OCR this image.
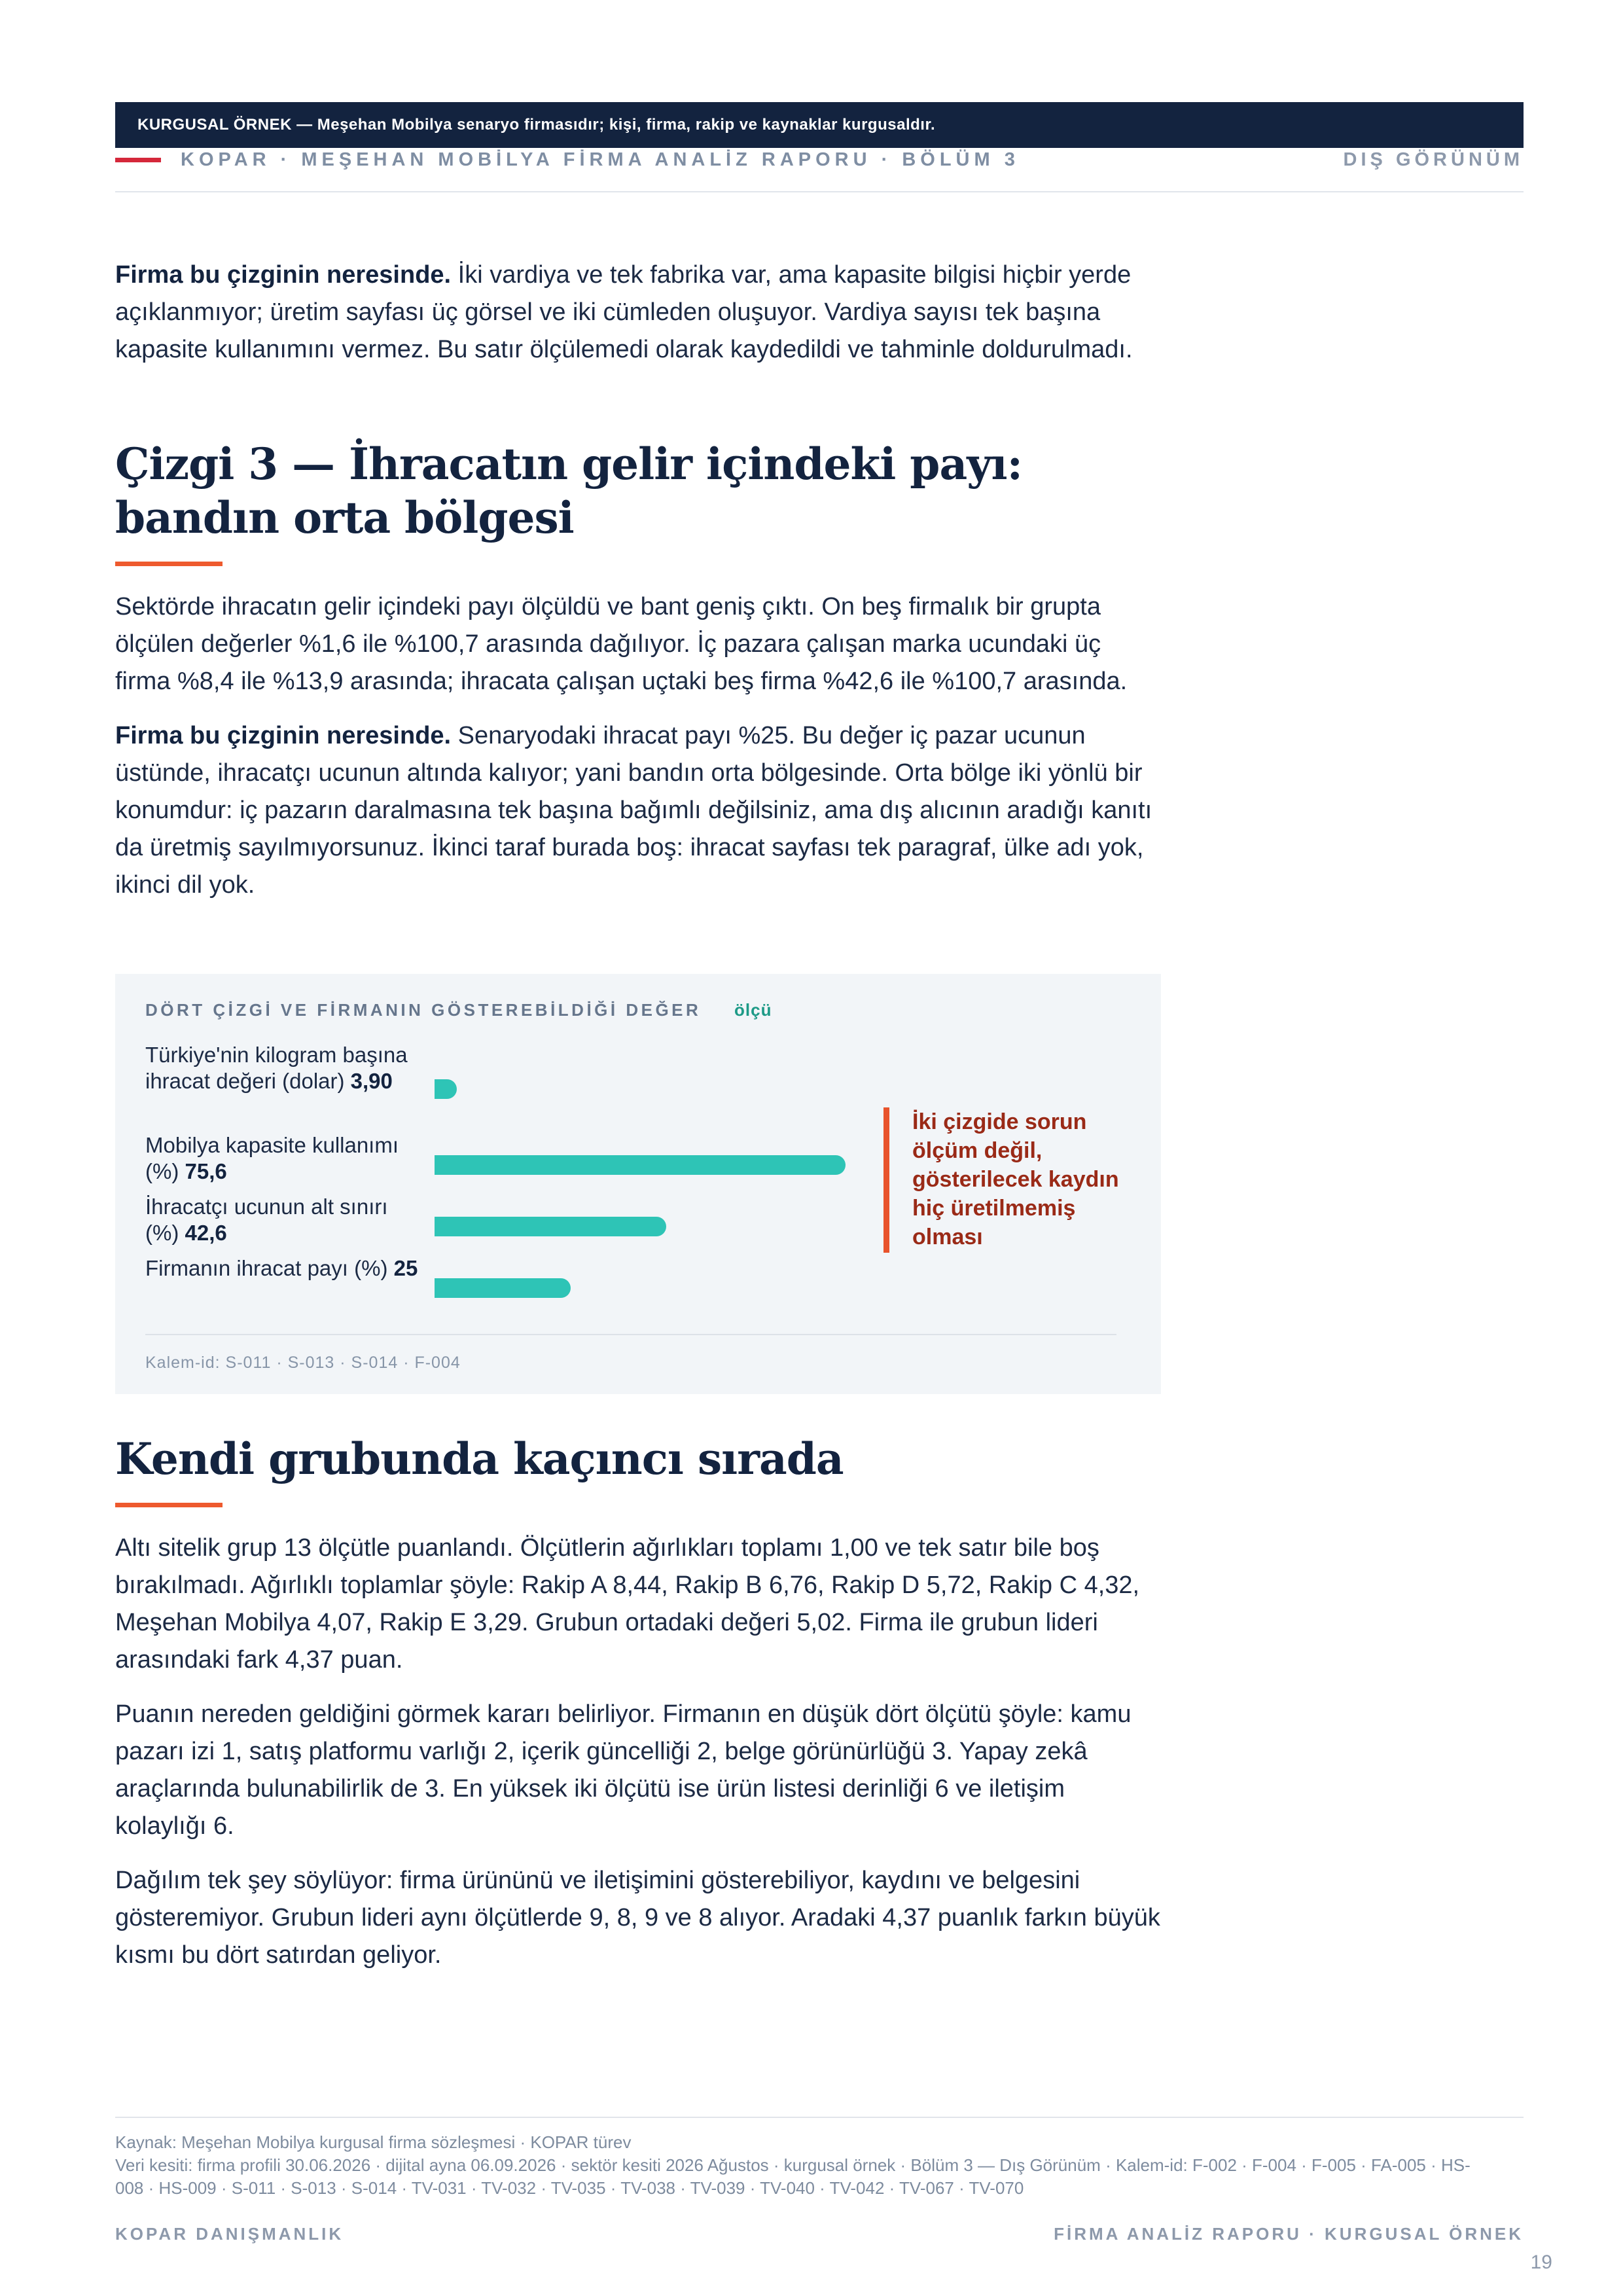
KURGUSAL ÖRNEK — Meşehan Mobilya senaryo firmasıdır; kişi, firma, rakip ve kaynaklar kurgusaldır.
KOPAR · MEŞEHAN MOBİLYA FİRMA ANALİZ RAPORU · BÖLÜM 3	DIŞ GÖRÜNÜM

Firma bu çizginin neresinde. İki vardiya ve tek fabrika var, ama kapasite bilgisi hiçbir yerde açıklanmıyor; üretim sayfası üç görsel ve iki cümleden oluşuyor. Vardiya sayısı tek başına kapasite kullanımını vermez. Bu satır ölçülemedi olarak kaydedildi ve tahminle doldurulmadı.

Çizgi 3 — İhracatın gelir içindeki payı: bandın orta bölgesi

Sektörde ihracatın gelir içindeki payı ölçüldü ve bant geniş çıktı. On beş firmalık bir grupta ölçülen değerler %1,6 ile %100,7 arasında dağılıyor. İç pazara çalışan marka ucundaki üç firma %8,4 ile %13,9 arasında; ihracata çalışan uçtaki beş firma %42,6 ile %100,7 arasında.

Firma bu çizginin neresinde. Senaryodaki ihracat payı %25. Bu değer iç pazar ucunun üstünde, ihracatçı ucunun altında kalıyor; yani bandın orta bölgesinde. Orta bölge iki yönlü bir konumdur: iç pazarın daralmasına tek başına bağımlı değilsiniz, ama dış alıcının aradığı kanıtı da üretmiş sayılmıyorsunuz. İkinci taraf burada boş: ihracat sayfası tek paragraf, ülke adı yok, ikinci dil yok.

DÖRT ÇİZGİ VE FİRMANIN GÖSTEREBİLDİĞİ DEĞER ölçü
Türkiye'nin kilogram başına ihracat değeri (dolar) 3,90
Mobilya kapasite kullanımı (%) 75,6
İhracatçı ucunun alt sınırı (%) 42,6
Firmanın ihracat payı (%) 25
İki çizgide sorun ölçüm değil, gösterilecek kaydın hiç üretilmemiş olması
Kalem-id: S-011 · S-013 · S-014 · F-004
Kendi grubunda kaçıncı sırada

Altı sitelik grup 13 ölçütle puanlandı. Ölçütlerin ağırlıkları toplamı 1,00 ve tek satır bile boş bırakılmadı. Ağırlıklı toplamlar şöyle: Rakip A 8,44, Rakip B 6,76, Rakip D 5,72, Rakip C 4,32, Meşehan Mobilya 4,07, Rakip E 3,29. Grubun ortadaki değeri 5,02. Firma ile grubun lideri arasındaki fark 4,37 puan.

Puanın nereden geldiğini görmek kararı belirliyor. Firmanın en düşük dört ölçütü şöyle: kamu pazarı izi 1, satış platformu varlığı 2, içerik güncelliği 2, belge görünürlüğü 3. Yapay zekâ araçlarında bulunabilirlik de 3. En yüksek iki ölçütü ise ürün listesi derinliği 6 ve iletişim kolaylığı 6.

Dağılım tek şey söylüyor: firma ürününü ve iletişimini gösterebiliyor, kaydını ve belgesini gösteremiyor. Grubun lideri aynı ölçütlerde 9, 8, 9 ve 8 alıyor. Aradaki 4,37 puanlık farkın büyük kısmı bu dört satırdan geliyor.

Kaynak: Meşehan Mobilya kurgusal firma sözleşmesi · KOPAR türev
Veri kesiti: firma profili 30.06.2026 · dijital ayna 06.09.2026 · sektör kesiti 2026 Ağustos · kurgusal örnek · Bölüm 3 — Dış Görünüm · Kalem-id: F-002 · F-004 · F-005 · FA-005 · HS-008 · HS-009 · S-011 · S-013 · S-014 · TV-031 · TV-032 · TV-035 · TV-038 · TV-039 · TV-040 · TV-042 · TV-067 · TV-070
KOPAR DANIŞMANLIK	FİRMA ANALİZ RAPORU · KURGUSAL ÖRNEK
19
